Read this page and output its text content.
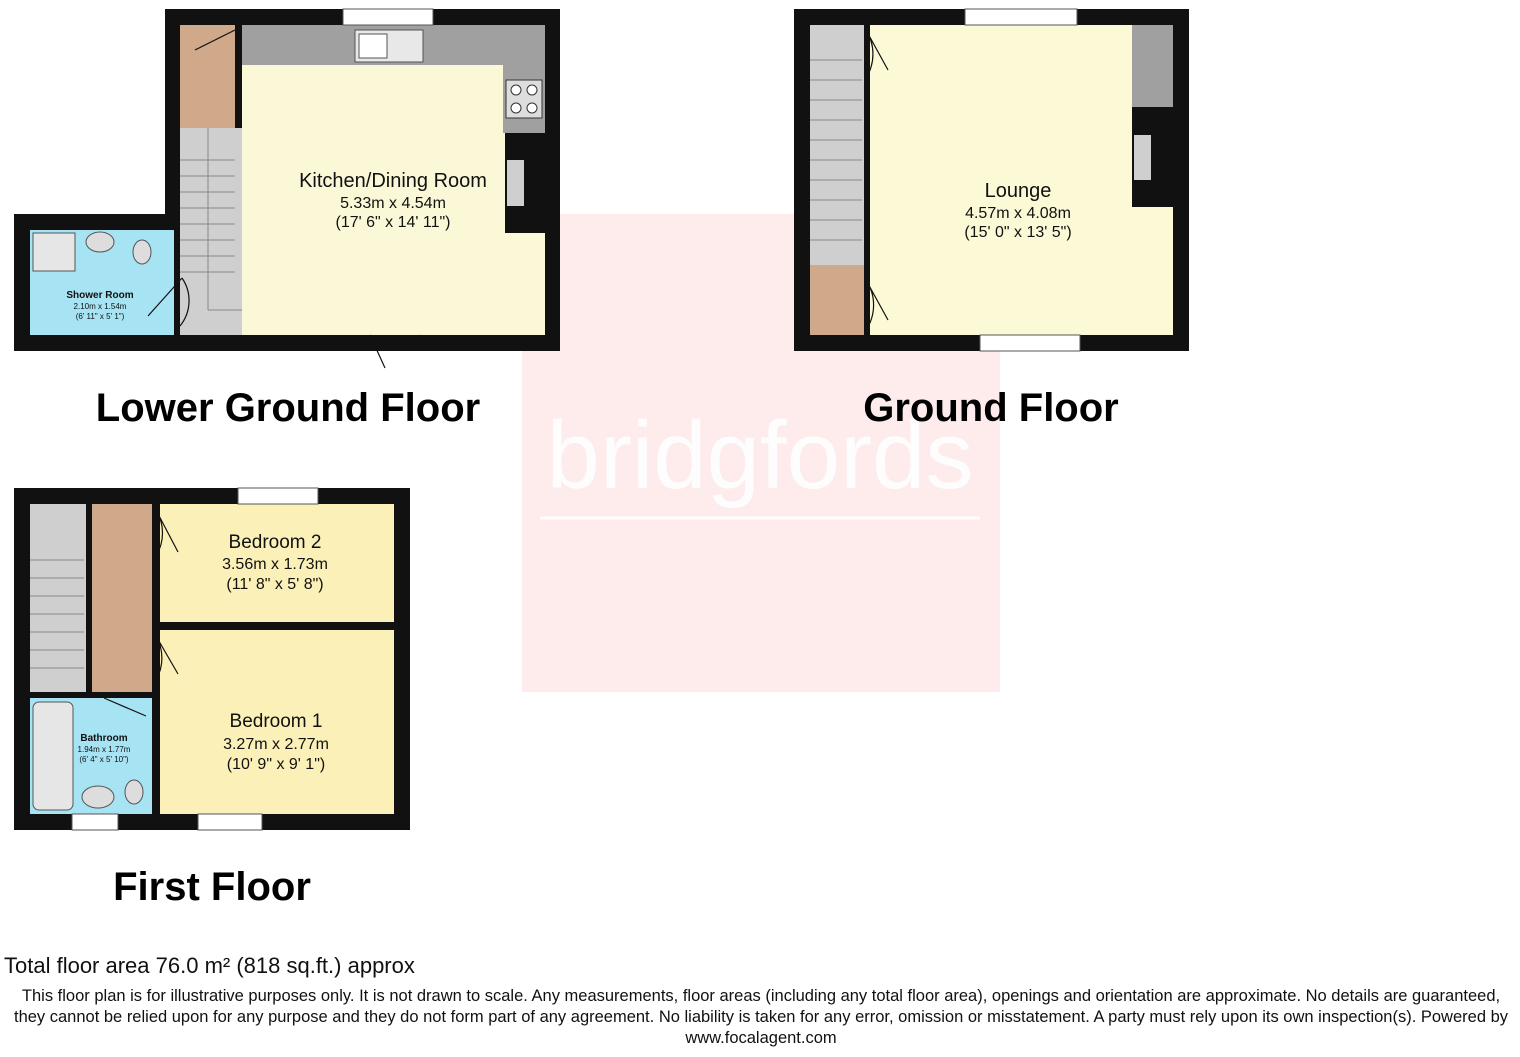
bridgfords
Kitchen/Dining Room
5.33m x 4.54m
(17' 6" x 14' 11")
Shower Room
2.10m x 1.54m
(6' 11" x 5' 1")
Lower Ground Floor
Lounge
4.57m x 4.08m
(15' 0" x 13' 5")
Ground Floor
Bedroom 2
3.56m x 1.73m
(11' 8" x 5' 8")
Bedroom 1
3.27m x 2.77m
(10' 9" x 9' 1")
Bathroom
1.94m x 1.77m
(6' 4" x 5' 10")
First Floor
Total floor area 76.0 m² (818 sq.ft.) approx
This floor plan is for illustrative purposes only. It is not drawn to scale. Any measurements, floor areas (including any total floor area), openings and orientation are approximate. No details are guaranteed, they cannot be relied upon for any purpose and they do not form part of any agreement. No liability is taken for any error, omission or misstatement. A party must rely upon its own inspection(s). Powered by www.focalagent.com
